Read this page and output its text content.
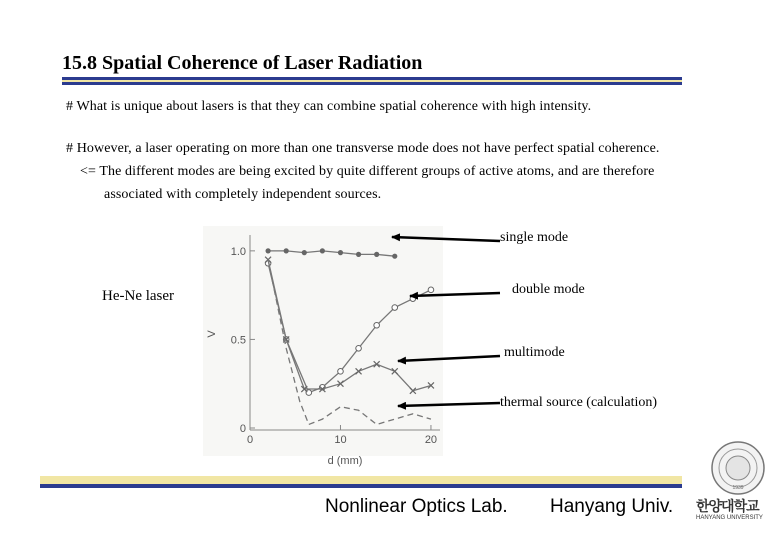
15.8 Spatial Coherence of Laser Radiation
# What is unique about lasers is that they can combine spatial coherence with high intensity.
# However, a laser operating on more than one transverse mode does not have perfect spatial coherence.
<= The different modes are being excited by quite different groups of active atoms, and are therefore
associated with completely independent sources.
He-Ne laser
single mode
double mode
multimode
thermal source (calculation)
0
0.5
1.0
0	10	20
d (mm)
V
Nonlinear Optics Lab. Hanyang Univ.
1939
한양대학교
HANYANG UNIVERSITY
